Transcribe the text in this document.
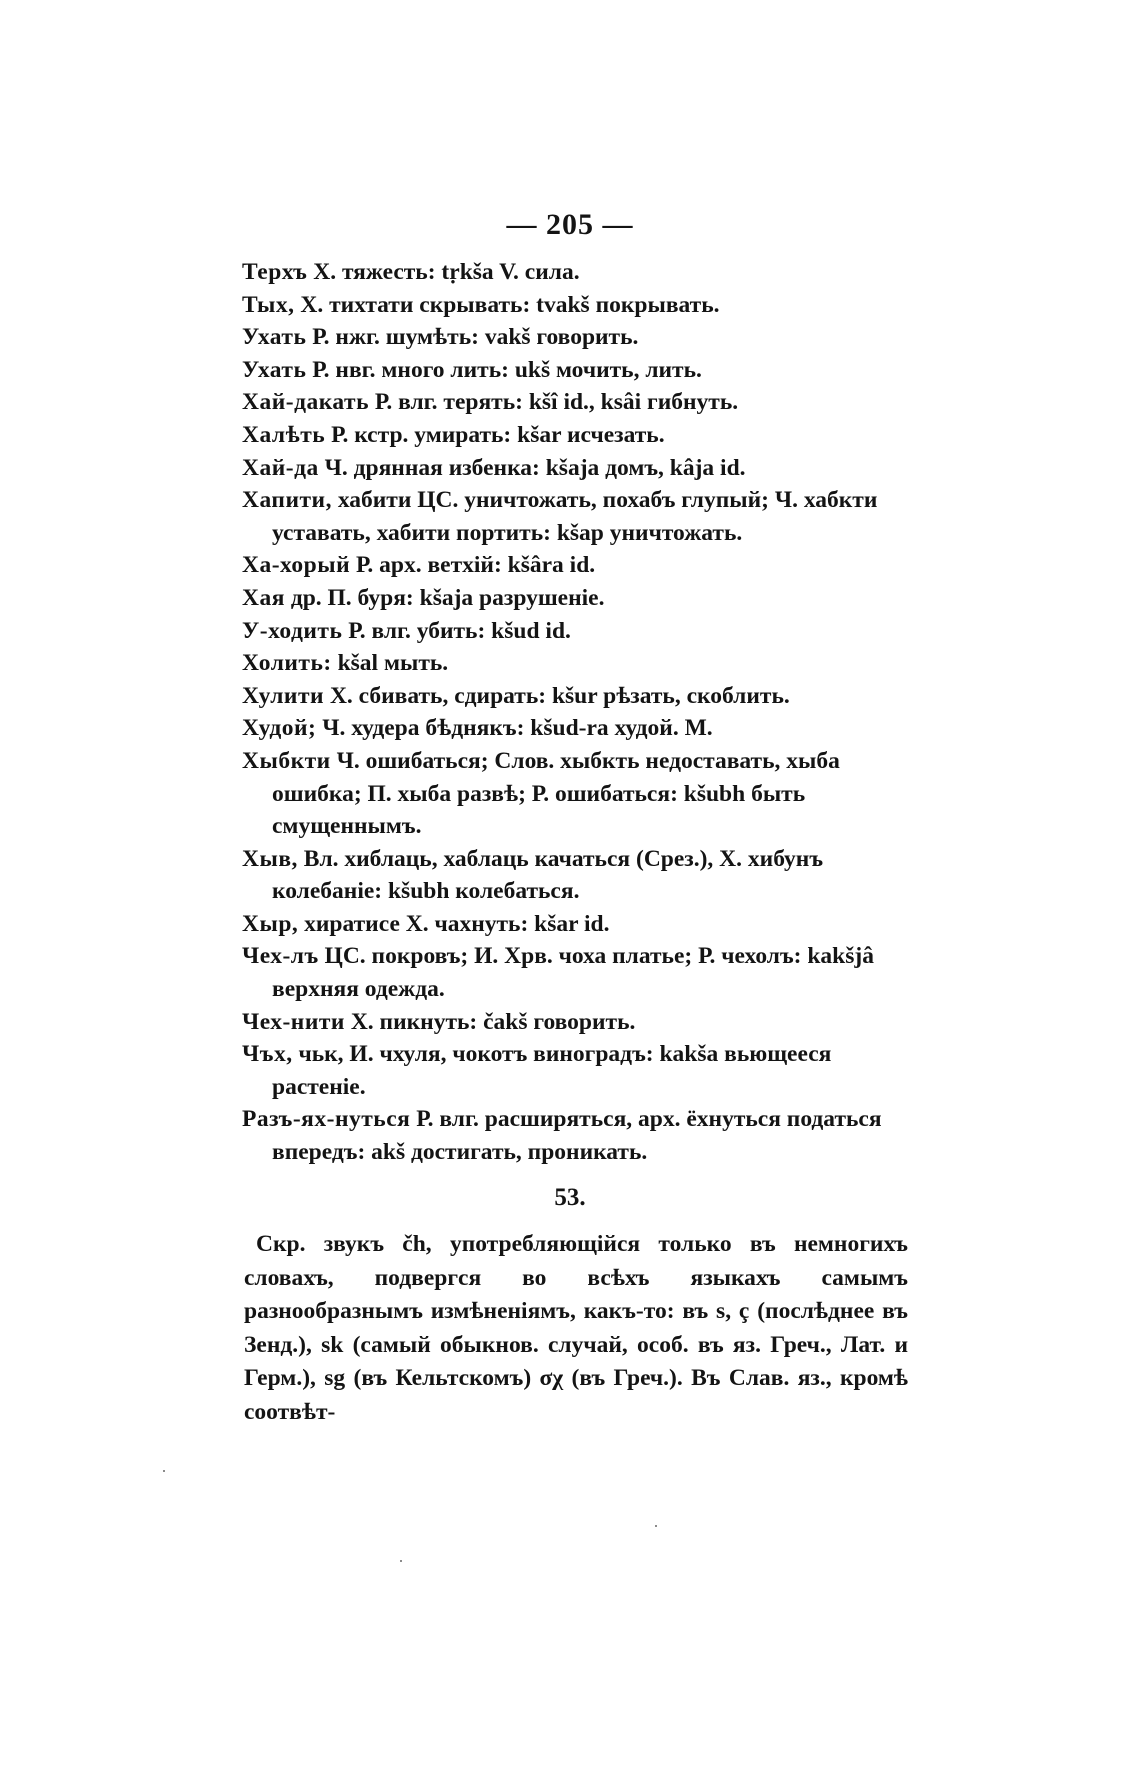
— 205 —

Терхъ Х. тяжесть: tṛkša V. сила.

Тых, Х. тихтати скрывать: tvakš покрывать.

Ухать Р. нжг. шумѣть: vakš говорить.

Ухать Р. нвг. много лить: ukš мочить, лить.

Хай-дакать Р. влг. терять: kšî id., ksâi гибнуть.

Халѣть Р. кстр. умирать: kšar исчезать.

Хай-да Ч. дрянная избенка: kšaja домъ, kâja id.

Хапити, хабити ЦС. уничтожать, похабъ глупый; Ч. хабкти уставать, хабити портить: kšap уничтожать.

Ха-хорый Р. арх. ветхій: kšâra id.

Хая др. П. буря: kšaja разрушеніе.

У-ходить Р. влг. убить: kšud id.

Холить: kšal мыть.

Хулити Х. сбивать, сдирать: kšur рѣзать, скоблить.

Худой; Ч. худера бѣднякъ: kšud-ra худой. М.

Хыбкти Ч. ошибаться; Слов. хыбкть недоставать, хыба ошибка; П. хыба развѣ; Р. ошибаться: kšubh быть смущеннымъ.

Хыв, Вл. хиблаць, хаблаць качаться (Срез.), Х. хибунъ колебаніе: kšubh колебаться.

Хыр, хиратисе Х. чахнуть: kšar id.

Чех-лъ ЦС. покровъ; И. Хрв. чоха платье; Р. чехолъ: kakšjâ верхняя одежда.

Чех-нити Х. пикнуть: čakš говорить.

Чъх, чьк, И. чхуля, чокотъ виноградъ: kakša вьющееся растеніе.

Разъ-ях-нуться Р. влг. расширяться, арх. ёхнуться податься впередъ: akš достигать, проникать.

53.

Скр. звукъ čh, употребляющійся только въ немногихъ словахъ, подвергся во всѣхъ языкахъ самымъ разнообразнымъ измѣненіямъ, какъ-то: въ s, ç (послѣднее въ Зенд.), sk (самый обыкнов. случай, особ. въ яз. Греч., Лат. и Герм.), sg (въ Кельтскомъ) σχ (въ Греч.). Въ Слав. яз., кромѣ соотвѣт-
